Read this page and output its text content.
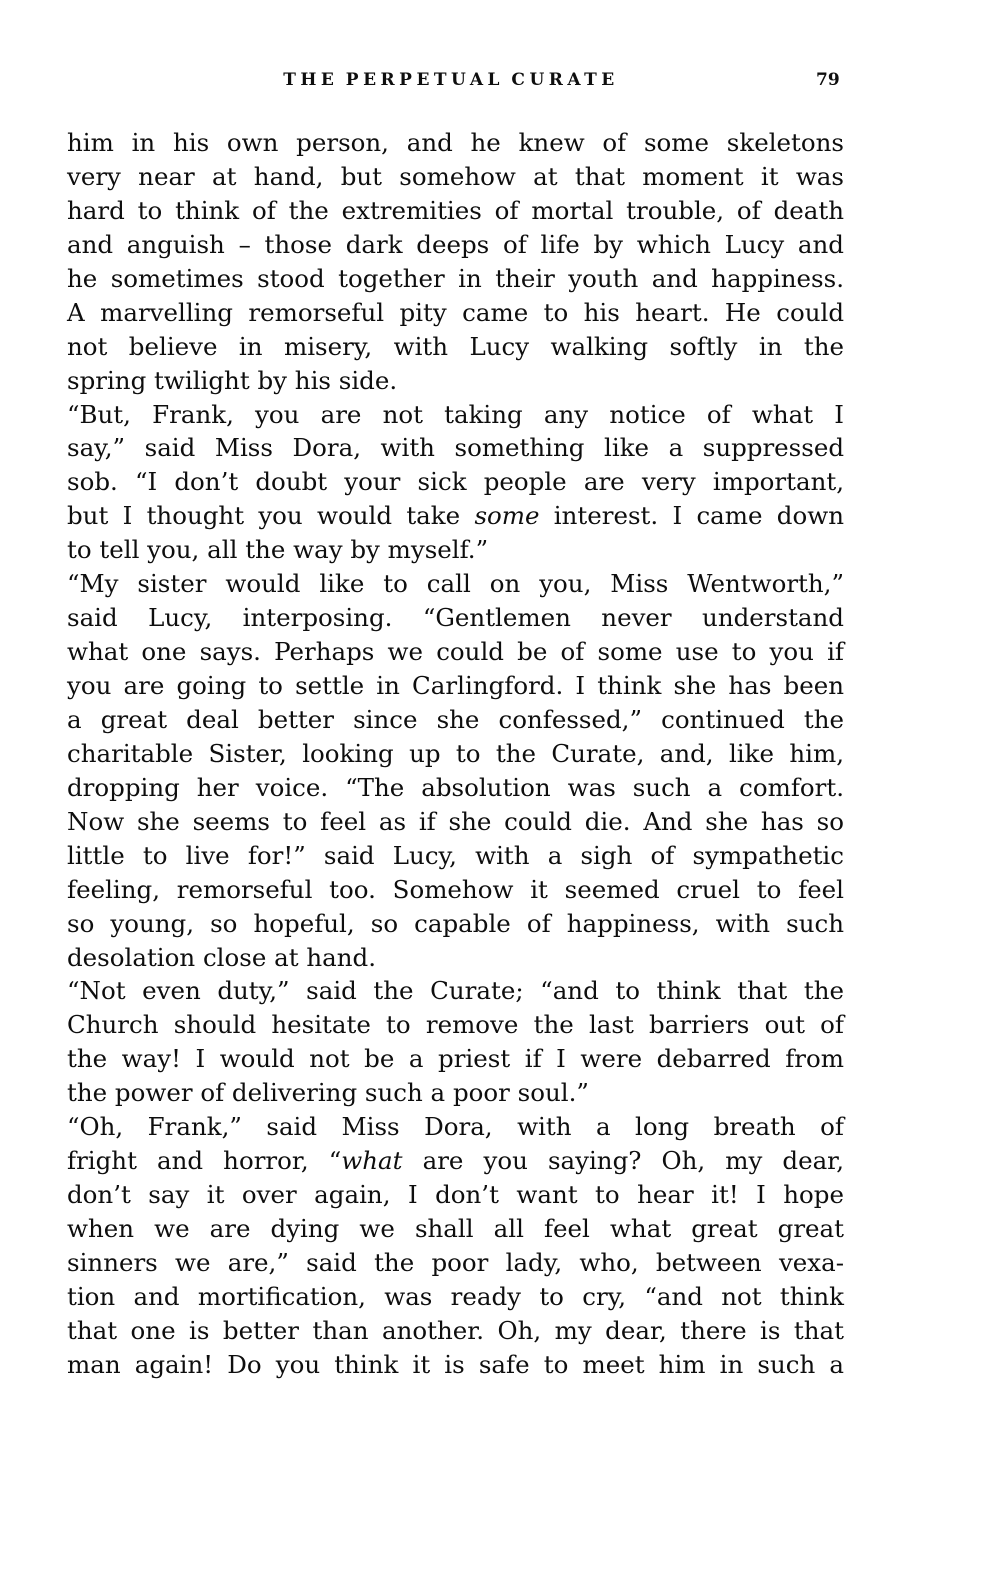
THE PERPETUAL CURATE	79
him in his own person, and he knew of some skeletons
very near at hand, but somehow at that moment it was
hard to think of the extremities of mortal trouble, of death
and anguish – those dark deeps of life by which Lucy and
he sometimes stood together in their youth and happiness.
A marvelling remorseful pity came to his heart. He could
not believe in misery, with Lucy walking softly in the
spring twilight by his side.
“But, Frank, you are not taking any notice of what I
say,” said Miss Dora, with something like a suppressed
sob. “I don’t doubt your sick people are very important,
but I thought you would take some interest. I came down
to tell you, all the way by myself.”
“My sister would like to call on you, Miss Wentworth,”
said Lucy, interposing. “Gentlemen never understand
what one says. Perhaps we could be of some use to you if
you are going to settle in Carlingford. I think she has been
a great deal better since she confessed,” continued the
charitable Sister, looking up to the Curate, and, like him,
dropping her voice. “The absolution was such a comfort.
Now she seems to feel as if she could die. And she has so
little to live for!” said Lucy, with a sigh of sympathetic
feeling, remorseful too. Somehow it seemed cruel to feel
so young, so hopeful, so capable of happiness, with such
desolation close at hand.
“Not even duty,” said the Curate; “and to think that the
Church should hesitate to remove the last barriers out of
the way! I would not be a priest if I were debarred from
the power of delivering such a poor soul.”
“Oh, Frank,” said Miss Dora, with a long breath of
fright and horror, “what are you saying? Oh, my dear,
don’t say it over again, I don’t want to hear it! I hope
when we are dying we shall all feel what great great
sinners we are,” said the poor lady, who, between vexa-
tion and mortification, was ready to cry, “and not think
that one is better than another. Oh, my dear, there is that
man again! Do you think it is safe to meet him in such a
